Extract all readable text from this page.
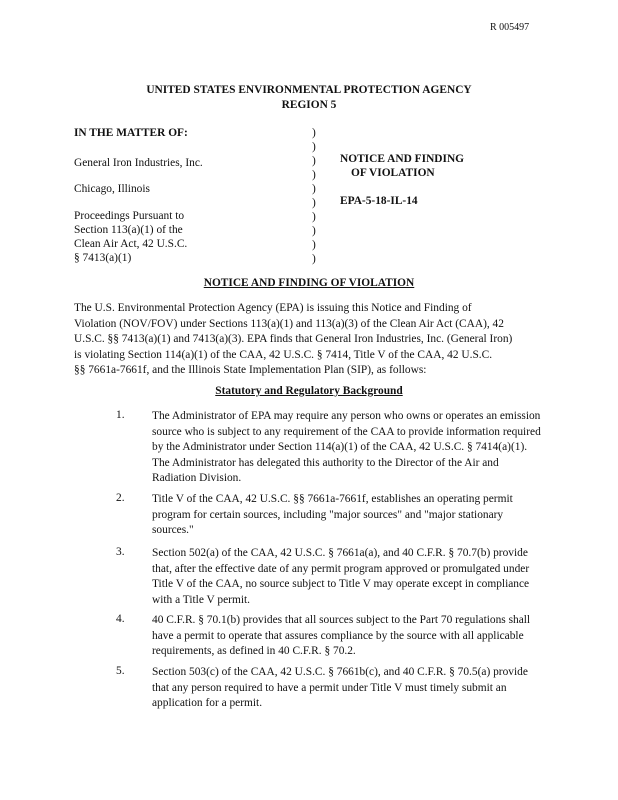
R 005497
UNITED STATES ENVIRONMENTAL PROTECTION AGENCY
REGION 5
IN THE MATTER OF:
General Iron Industries, Inc.
Chicago, Illinois
Proceedings Pursuant to
Section 113(a)(1) of the
Clean Air Act, 42 U.S.C.
§ 7413(a)(1)
)
)
)
)
)
)
)
)
)
)
NOTICE AND FINDING
OF VIOLATION
EPA-5-18-IL-14
NOTICE AND FINDING OF VIOLATION
The U.S. Environmental Protection Agency (EPA) is issuing this Notice and Finding of
Violation (NOV/FOV) under Sections 113(a)(1) and 113(a)(3) of the Clean Air Act (CAA), 42
U.S.C. §§ 7413(a)(1) and 7413(a)(3). EPA finds that General Iron Industries, Inc. (General Iron)
is violating Section 114(a)(1) of the CAA, 42 U.S.C. § 7414, Title V of the CAA, 42 U.S.C.
§§ 7661a-7661f, and the Illinois State Implementation Plan (SIP), as follows:
Statutory and Regulatory Background
1. The Administrator of EPA may require any person who owns or operates an emission
source who is subject to any requirement of the CAA to provide information required
by the Administrator under Section 114(a)(1) of the CAA, 42 U.S.C. § 7414(a)(1).
The Administrator has delegated this authority to the Director of the Air and
Radiation Division.
2. Title V of the CAA, 42 U.S.C. §§ 7661a-7661f, establishes an operating permit
program for certain sources, including "major sources" and "major stationary
sources."
3. Section 502(a) of the CAA, 42 U.S.C. § 7661a(a), and 40 C.F.R. § 70.7(b) provide
that, after the effective date of any permit program approved or promulgated under
Title V of the CAA, no source subject to Title V may operate except in compliance
with a Title V permit.
4. 40 C.F.R. § 70.1(b) provides that all sources subject to the Part 70 regulations shall
have a permit to operate that assures compliance by the source with all applicable
requirements, as defined in 40 C.F.R. § 70.2.
5. Section 503(c) of the CAA, 42 U.S.C. § 7661b(c), and 40 C.F.R. § 70.5(a) provide
that any person required to have a permit under Title V must timely submit an
application for a permit.
